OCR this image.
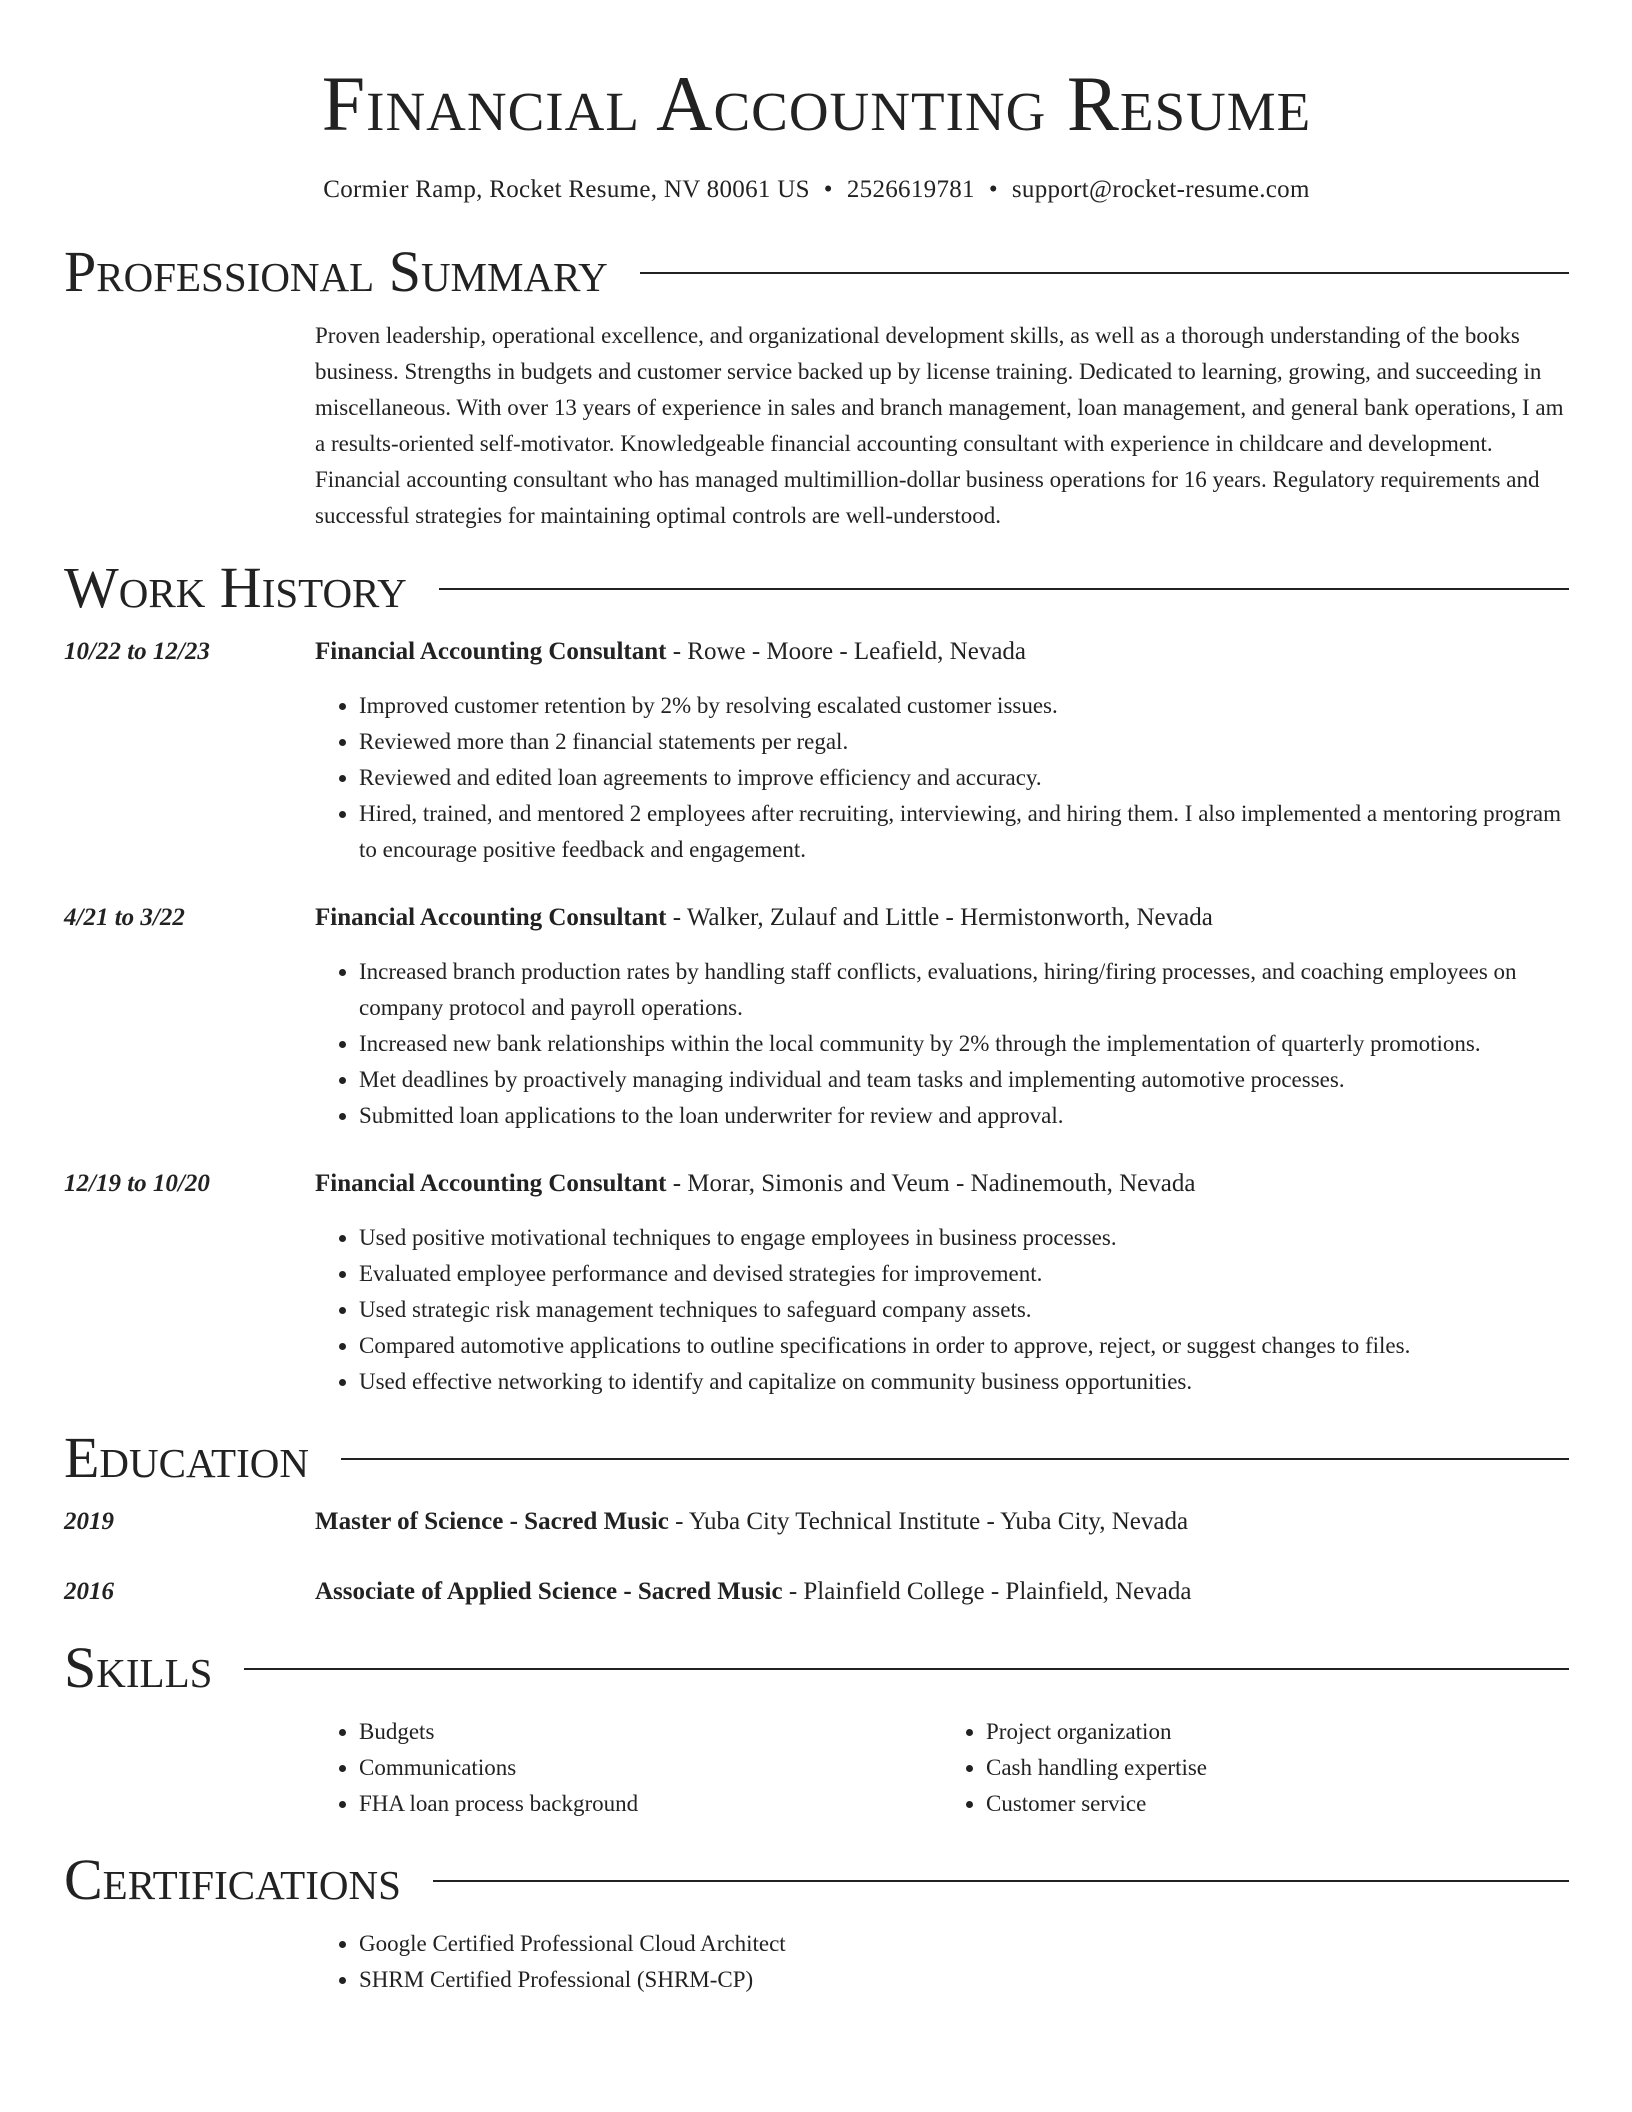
Financial Accounting Resume
Cormier Ramp, Rocket Resume, NV 80061 US • 2526619781 • support@rocket-resume.com
Professional Summary
Proven leadership, operational excellence, and organizational development skills, as well as a thorough understanding of the books business. Strengths in budgets and customer service backed up by license training. Dedicated to learning, growing, and succeeding in miscellaneous. With over 13 years of experience in sales and branch management, loan management, and general bank operations, I am a results-oriented self-motivator. Knowledgeable financial accounting consultant with experience in childcare and development. Financial accounting consultant who has managed multimillion-dollar business operations for 16 years. Regulatory requirements and successful strategies for maintaining optimal controls are well-understood.
Work History
10/22 to 12/23	Financial Accounting Consultant - Rowe - Moore - Leafield, Nevada
• Improved customer retention by 2% by resolving escalated customer issues.
• Reviewed more than 2 financial statements per regal.
• Reviewed and edited loan agreements to improve efficiency and accuracy.
• Hired, trained, and mentored 2 employees after recruiting, interviewing, and hiring them. I also implemented a mentoring program to encourage positive feedback and engagement.
4/21 to 3/22	Financial Accounting Consultant - Walker, Zulauf and Little - Hermistonworth, Nevada
• Increased branch production rates by handling staff conflicts, evaluations, hiring/firing processes, and coaching employees on company protocol and payroll operations.
• Increased new bank relationships within the local community by 2% through the implementation of quarterly promotions.
• Met deadlines by proactively managing individual and team tasks and implementing automotive processes.
• Submitted loan applications to the loan underwriter for review and approval.
12/19 to 10/20	Financial Accounting Consultant - Morar, Simonis and Veum - Nadinemouth, Nevada
• Used positive motivational techniques to engage employees in business processes.
• Evaluated employee performance and devised strategies for improvement.
• Used strategic risk management techniques to safeguard company assets.
• Compared automotive applications to outline specifications in order to approve, reject, or suggest changes to files.
• Used effective networking to identify and capitalize on community business opportunities.
Education
2019	Master of Science - Sacred Music - Yuba City Technical Institute - Yuba City, Nevada
2016	Associate of Applied Science - Sacred Music - Plainfield College - Plainfield, Nevada
Skills
• Budgets
• Communications
• FHA loan process background
• Project organization
• Cash handling expertise
• Customer service
Certifications
• Google Certified Professional Cloud Architect
• SHRM Certified Professional (SHRM-CP)
